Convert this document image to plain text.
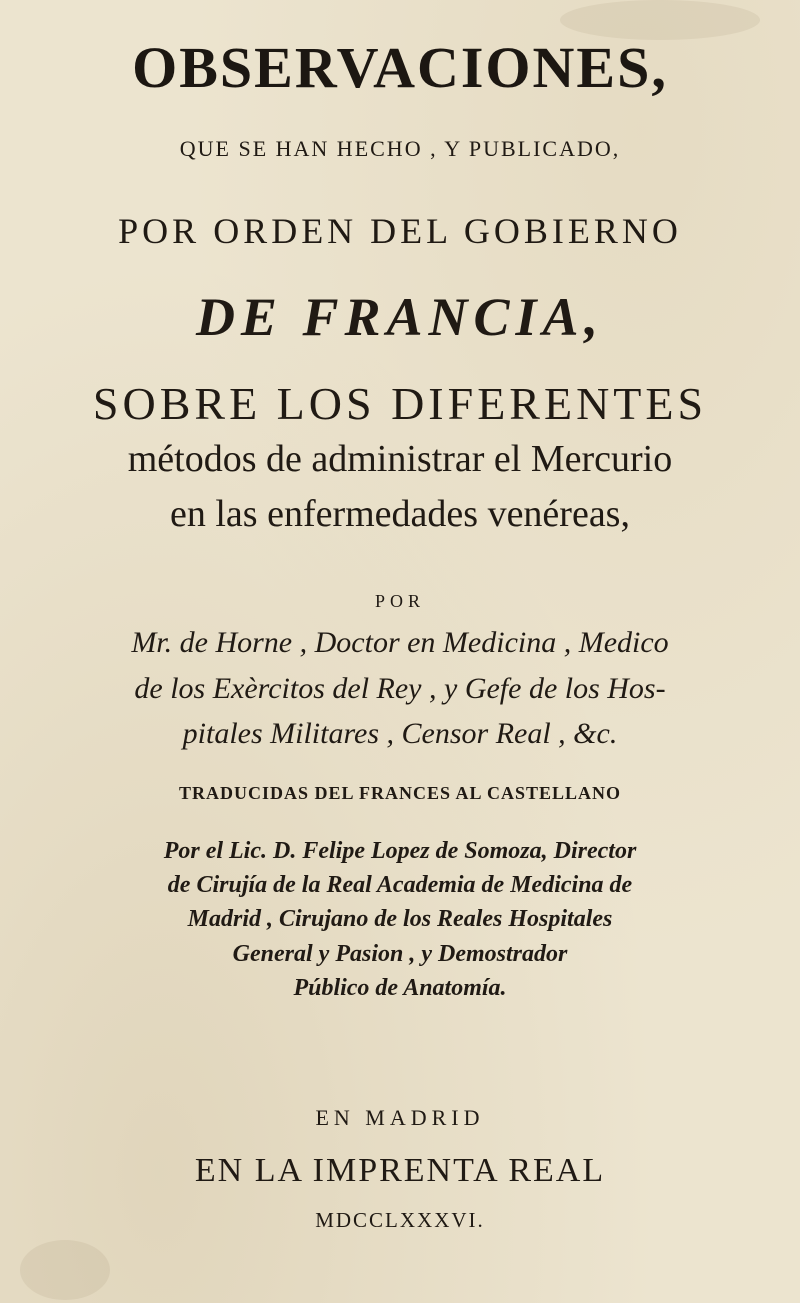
OBSERVACIONES,

QUE SE HAN HECHO , Y PUBLICADO,

POR ORDEN DEL GOBIERNO

DE FRANCIA,

SOBRE LOS DIFERENTES

métodos de administrar el Mercurio

en las enfermedades venéreas,

POR

Mr. de Horne , Doctor en Medicina , Medico

de los Exèrcitos del Rey , y Gefe de los Hos-

pitales Militares , Censor Real , &c.

TRADUCIDAS DEL FRANCES AL CASTELLANO

Por el Lic. D. Felipe Lopez de Somoza, Director

de Cirujía de la Real Academia de Medicina de

Madrid , Cirujano de los Reales Hospitales

General y Pasion , y Demostrador

Público de Anatomía.

EN MADRID

EN LA IMPRENTA REAL

MDCCLXXXVI.
